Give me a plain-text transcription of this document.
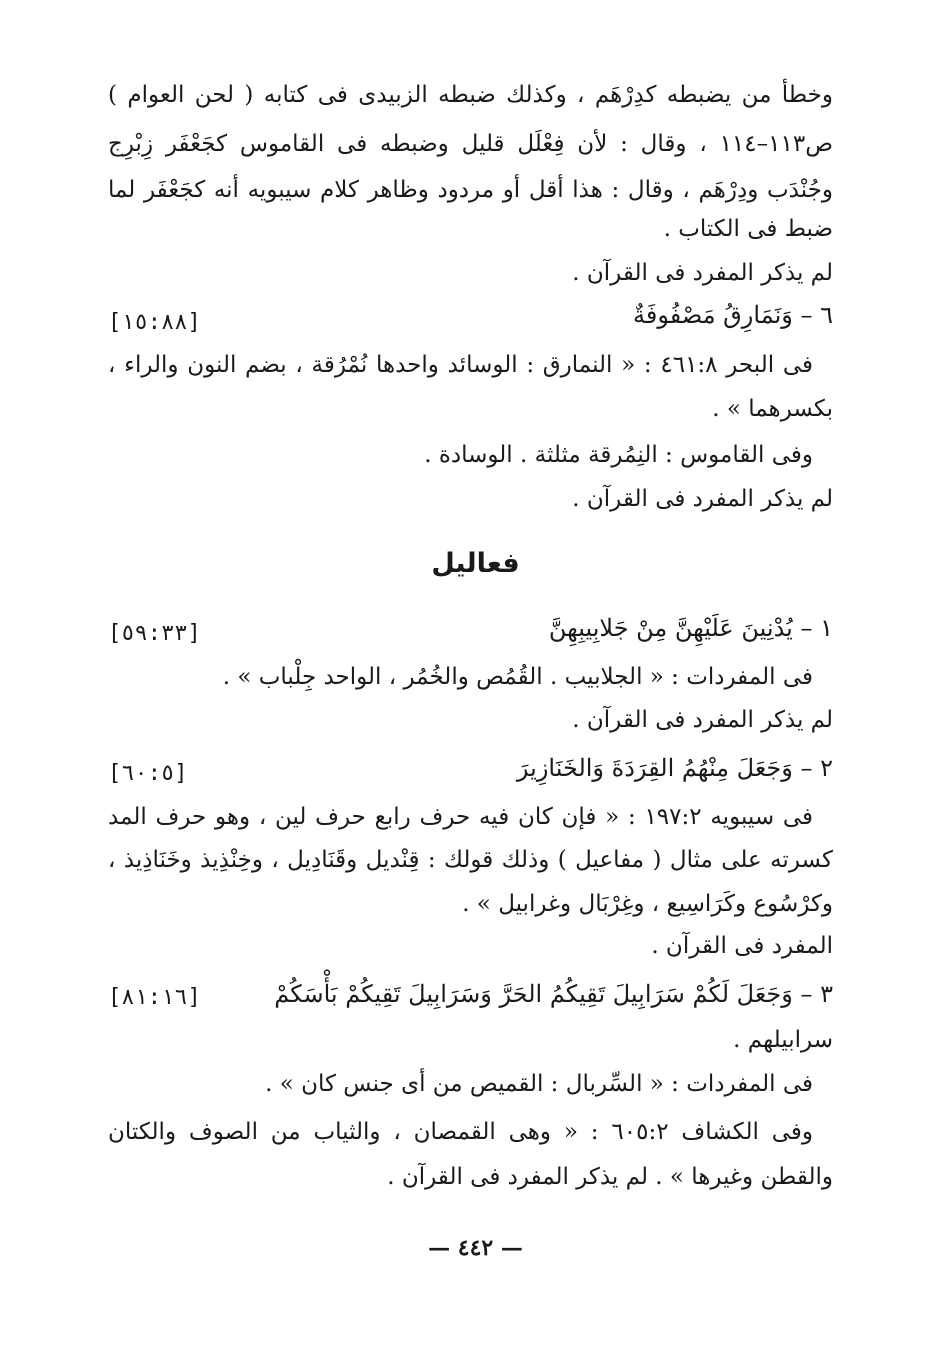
وخطأ من يضبطه كدِرْهَم ، وكذلك ضبطه الزبيدى فى كتابه ( لحن العوام )
ص١١٣–١١٤ ، وقال : لأن فِعْلَل قليل وضبطه فى القاموس كجَعْفَر زِبْرِج
وجُنْدَب ودِرْهَم ، وقال : هذا أقل أو مردود وظاهر كلام سيبويه أنه كجَعْفَر لما
ضبط فى الكتاب .
لم يذكر المفرد فى القرآن .
٦ – وَنَمَارِقُ مَصْفُوفَةٌ
[١٥:٨٨]
فى البحر ٤٦١:٨ : « النمارق : الوسائد واحدها نُمْرُقة ، بضم النون والراء ،
بكسرهما » .
وفى القاموس : النِمُرقة مثلثة . الوسادة .
لم يذكر المفرد فى القرآن .
فعاليل
١ – يُدْنِينَ عَلَيْهِنَّ مِنْ جَلابِيبِهِنَّ
[٥٩:٣٣]
فى المفردات : « الجلابيب . القُمُص والخُمُر ، الواحد جِلْباب » .
لم يذكر المفرد فى القرآن .
٢ – وَجَعَلَ مِنْهُمُ القِرَدَةَ وَالخَنَازِيرَ
[٦٠:٥]
فى سيبويه ١٩٧:٢ : « فإن كان فيه حرف رابع حرف لين ، وهو حرف المد
كسرته على مثال ( مفاعيل ) وذلك قولك : قِنْديل وقَنَادِيل ، وخِنْذِيذ وخَنَاذِيذ ،
وكرْسُوع وكَرَاسِيع ، وغِرْبَال وغرابيل » .
المفرد فى القرآن .
٣ – وَجَعَلَ لَكُمْ سَرَابِيلَ تَقِيكُمُ الحَرَّ وَسَرَابِيلَ تَقِيكُمْ بَأْسَكُمْ
[٨١:١٦]
سرابيلهم .
فى المفردات : « السِّربال : القميص من أى جنس كان » .
وفى الكشاف ٦٠٥:٢ : « وهى القمصان ، والثياب من الصوف والكتان
والقطن وغيرها » . لم يذكر المفرد فى القرآن .
— ٤٤٢ —
